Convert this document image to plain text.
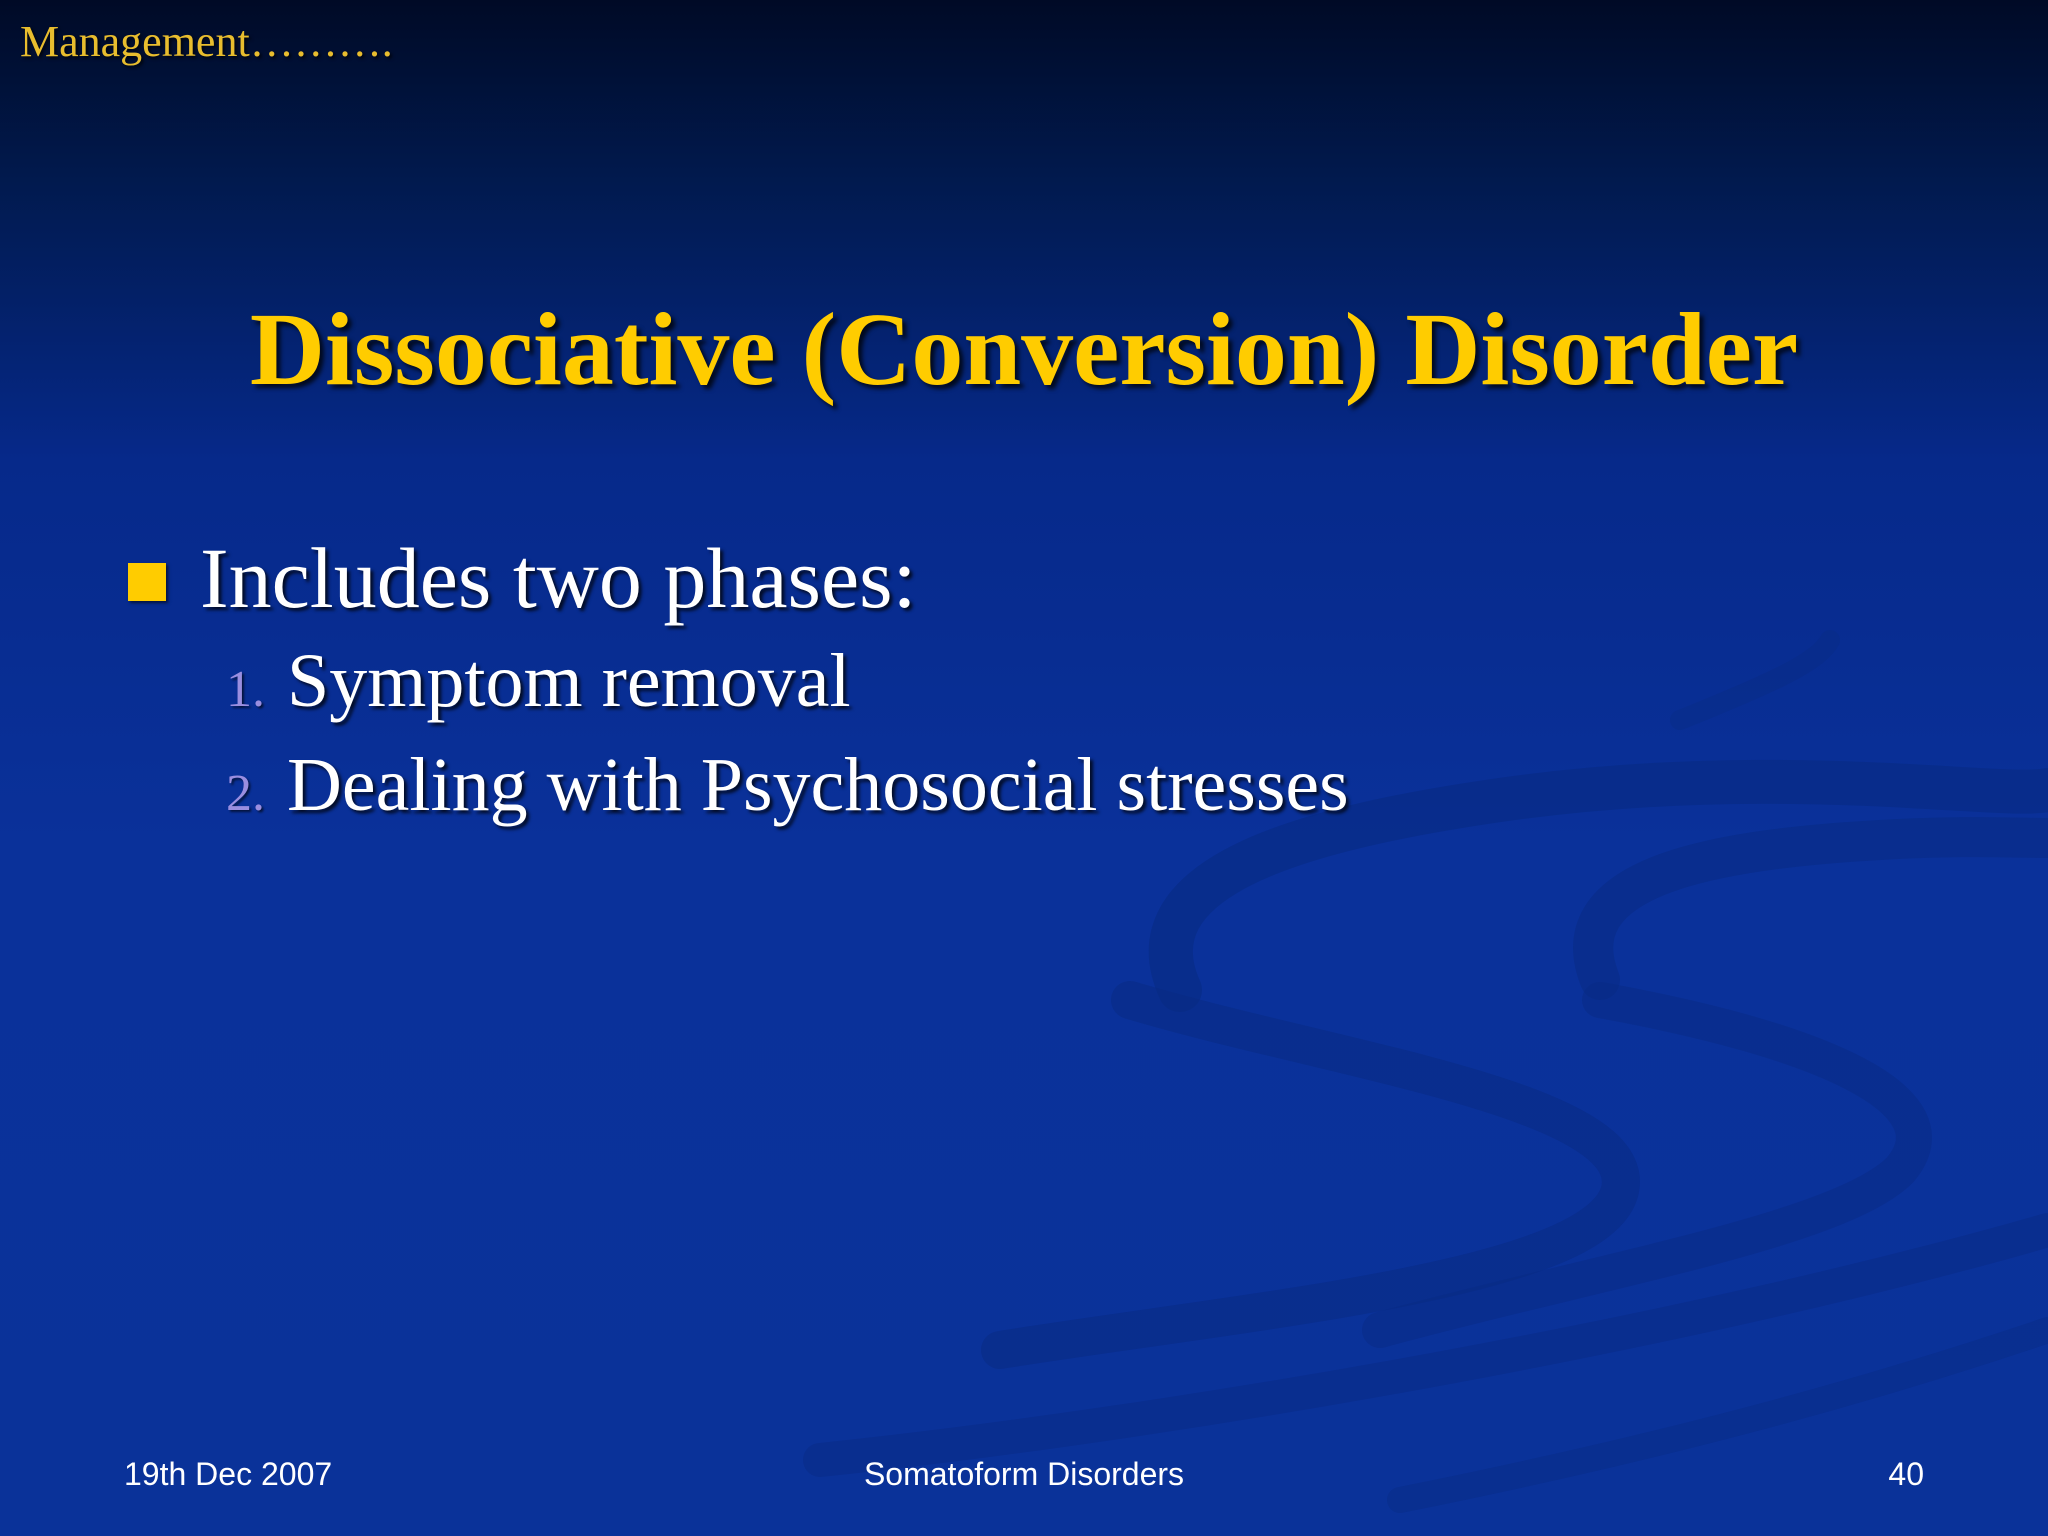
Management……….
Dissociative (Conversion) Disorder
Includes two phases:
1. Symptom removal
2. Dealing with Psychosocial stresses
19th Dec 2007	Somatoform Disorders	40
